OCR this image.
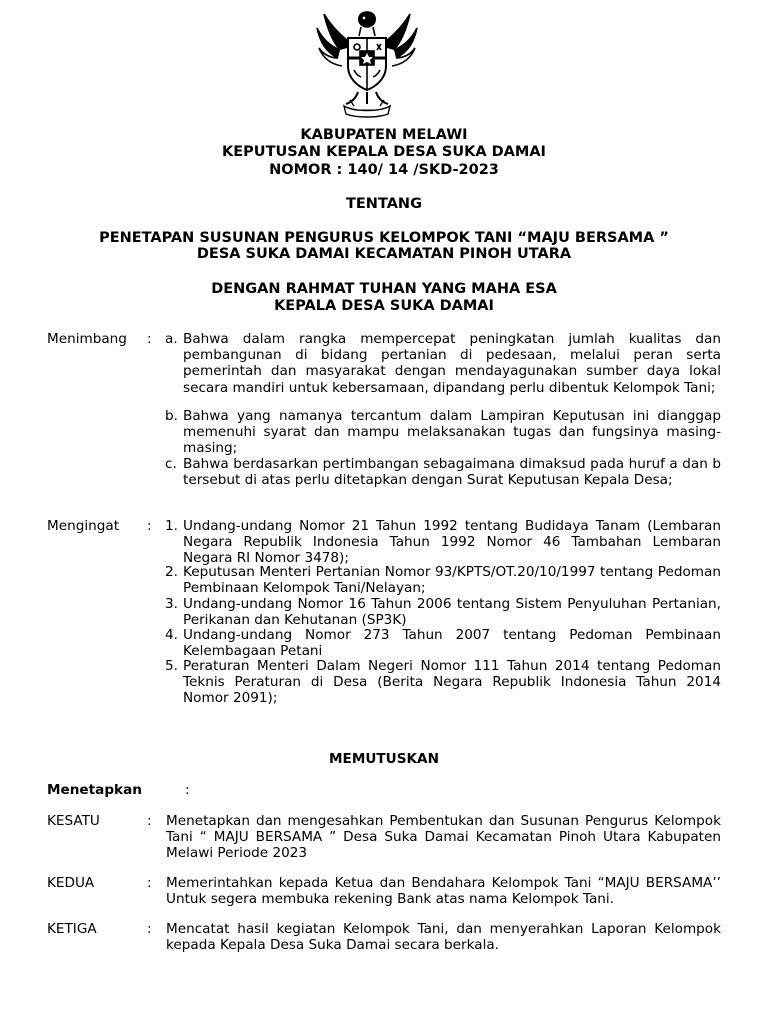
KABUPATEN MELAWI
KEPUTUSAN KEPALA DESA SUKA DAMAI
NOMOR : 140/ 14 /SKD-2023
TENTANG
PENETAPAN SUSUNAN PENGURUS KELOMPOK TANI “MAJU BERSAMA ”
DESA SUKA DAMAI KECAMATAN PINOH UTARA
DENGAN RAHMAT TUHAN YANG MAHA ESA
KEPALA DESA SUKA DAMAI
Menimbang : a. Bahwa dalam rangka mempercepat peningkatan jumlah kualitas dan pembangunan di bidang pertanian di pedesaan, melalui peran serta pemerintah dan masyarakat dengan mendayagunakan sumber daya lokal secara mandiri untuk kebersamaan, dipandang perlu dibentuk Kelompok Tani;
b. Bahwa yang namanya tercantum dalam Lampiran Keputusan ini dianggap memenuhi syarat dan mampu melaksanakan tugas dan fungsinya masing-masing;
c. Bahwa berdasarkan pertimbangan sebagaimana dimaksud pada huruf a dan b tersebut di atas perlu ditetapkan dengan Surat Keputusan Kepala Desa;
Mengingat : 1. Undang-undang Nomor 21 Tahun 1992 tentang Budidaya Tanam (Lembaran Negara Republik Indonesia Tahun 1992 Nomor 46 Tambahan Lembaran Negara RI Nomor 3478);
2. Keputusan Menteri Pertanian Nomor 93/KPTS/OT.20/10/1997 tentang Pedoman Pembinaan Kelompok Tani/Nelayan;
3. Undang-undang Nomor 16 Tahun 2006 tentang Sistem Penyuluhan Pertanian, Perikanan dan Kehutanan (SP3K)
4. Undang-undang Nomor 273 Tahun 2007 tentang Pedoman Pembinaan Kelembagaan Petani
5. Peraturan Menteri Dalam Negeri Nomor 111 Tahun 2014 tentang Pedoman Teknis Peraturan di Desa (Berita Negara Republik Indonesia Tahun 2014 Nomor 2091);
MEMUTUSKAN
Menetapkan	:
KESATU	: Menetapkan dan mengesahkan Pembentukan dan Susunan Pengurus Kelompok Tani “ MAJU BERSAMA ” Desa Suka Damai Kecamatan Pinoh Utara Kabupaten Melawi Periode 2023
KEDUA	: Memerintahkan kepada Ketua dan Bendahara Kelompok Tani “MAJU BERSAMA’’ Untuk segera membuka rekening Bank atas nama Kelompok Tani.
KETIGA	: Mencatat hasil kegiatan Kelompok Tani, dan menyerahkan Laporan Kelompok kepada Kepala Desa Suka Damai secara berkala.
